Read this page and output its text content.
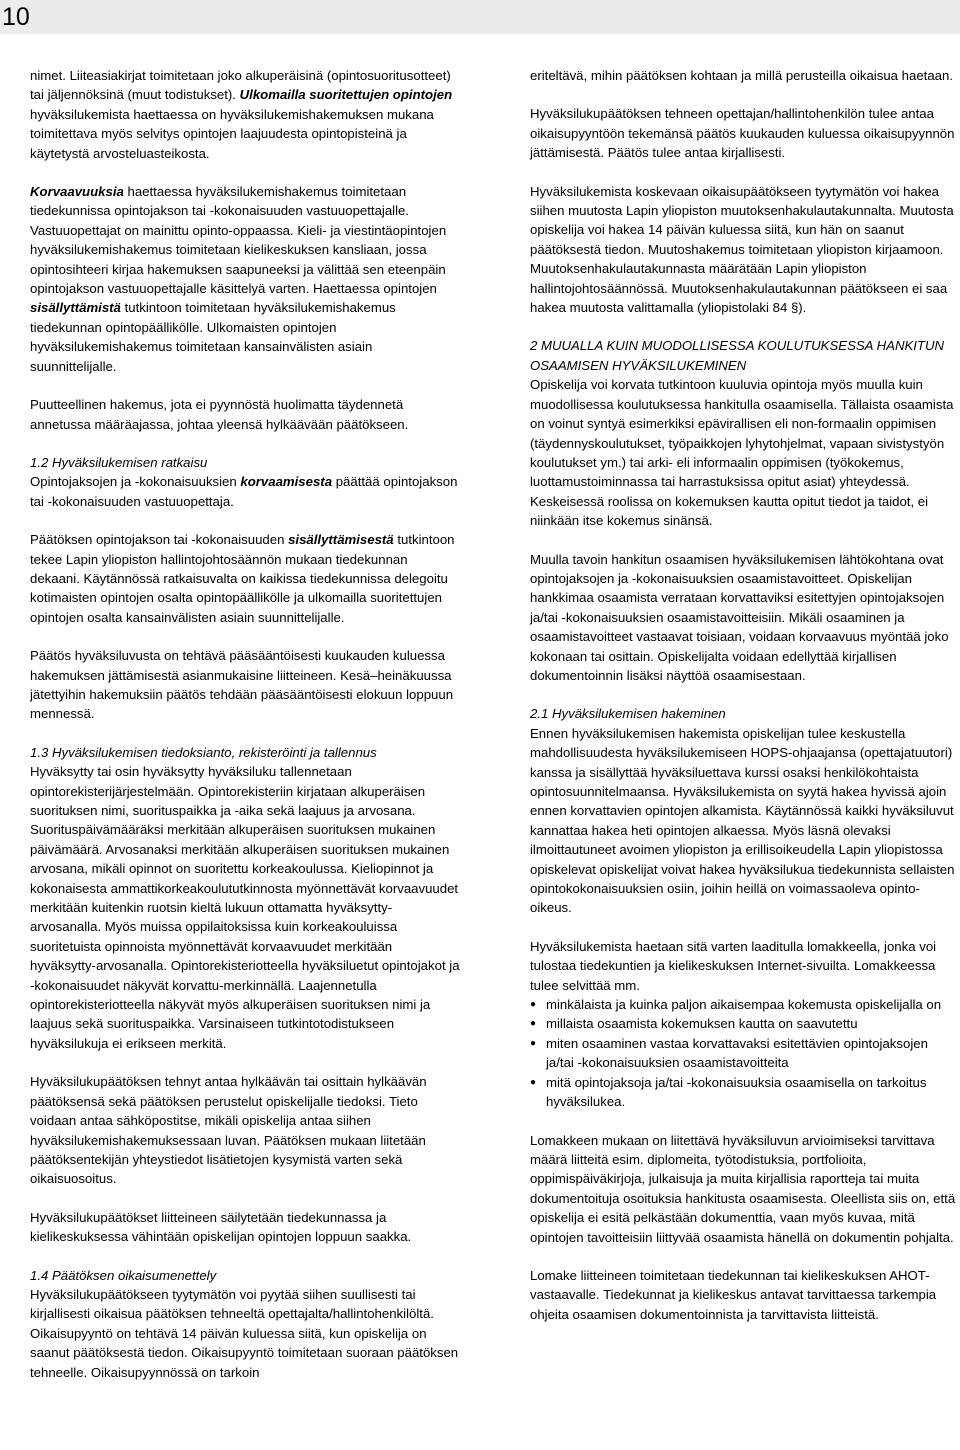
10

nimet. Liiteasiakirjat toimitetaan joko alkuperäisinä (opintosuoritusotteet) tai jäljennöksinä (muut todistukset). Ulkomailla suoritettujen opintojen hyväksilukemista haettaessa on hyväksilukemishakemuksen mukana toimitettava myös selvitys opintojen laajuudesta opintopisteinä ja käytetystä arvosteluasteikosta.

Korvaavuuksia haettaessa hyväksilukemishakemus toimitetaan tiedekunnissa opintojakson tai -kokonaisuuden vastuuopettajalle. Vastuuopettajat on mainittu opinto-oppaassa. Kieli- ja viestintäopintojen hyväksilukemishakemus toimitetaan kielikeskuksen kansliaan, jossa opintosihteeri kirjaa hakemuksen saapuneeksi ja välittää sen eteenpäin opintojakson vastuuopettajalle käsittelyä varten. Haettaessa opintojen sisällyttämistä tutkintoon toimitetaan hyväksilukemishakemus tiedekunnan opintopäällikölle. Ulkomaisten opintojen hyväksilukemishakemus toimitetaan kansainvälisten asiain suunnittelijalle.

Puutteellinen hakemus, jota ei pyynnöstä huolimatta täydennetä annetussa määräajassa, johtaa yleensä hylkäävään päätökseen.

1.2 Hyväksilukemisen ratkaisu
Opintojaksojen ja -kokonaisuuksien korvaamisesta päättää opintojakson tai -kokonaisuuden vastuuopettaja.

Päätöksen opintojakson tai -kokonaisuuden sisällyttämisestä tutkintoon tekee Lapin yliopiston hallintojohtosäännön mukaan tiedekunnan dekaani. Käytännössä ratkaisuvalta on kaikissa tiedekunnissa delegoitu kotimaisten opintojen osalta opintopäällikölle ja ulkomailla suoritettujen opintojen osalta kansainvälisten asiain suunnittelijalle.

Päätös hyväksiluvusta on tehtävä pääsääntöisesti kuukauden kuluessa hakemuksen jättämisestä asianmukaisine liitteineen. Kesä–heinäkuussa jätettyihin hakemuksiin päätös tehdään pääsääntöisesti elokuun loppuun mennessä.

1.3 Hyväksilukemisen tiedoksianto, rekisteröinti ja tallennus
Hyväksytty tai osin hyväksytty hyväksiluku tallennetaan opintorekisterijärjestelmään. Opintorekisteriin kirjataan alkuperäisen suorituksen nimi, suorituspaikka ja -aika sekä laajuus ja arvosana. Suorituspäivämääräksi merkitään alkuperäisen suorituksen mukainen päivämäärä. Arvosanaksi merkitään alkuperäisen suorituksen mukainen arvosana, mikäli opinnot on suoritettu korkeakoulussa. Kieliopinnot ja kokonaisesta ammattikorkeakoulututkinnosta myönnettävät korvaavuudet merkitään kuitenkin ruotsin kieltä lukuun ottamatta hyväksytty-arvosanalla. Myös muissa oppilaitoksissa kuin korkeakouluissa suoritetuista opinnoista myönnettävät korvaavuudet merkitään hyväksytty-arvosanalla. Opintorekisteriotteella hyväksiluetut opintojakot ja -kokonaisuudet näkyvät korvattu-merkinnällä. Laajennetulla opintorekisteriotteella näkyvät myös alkuperäisen suorituksen nimi ja laajuus sekä suorituspaikka. Varsinaiseen tutkintotodistukseen hyväksilukuja ei erikseen merkitä.

Hyväksilukupäätöksen tehnyt antaa hylkäävän tai osittain hylkäävän päätöksensä sekä päätöksen perustelut opiskelijalle tiedoksi. Tieto voidaan antaa sähköpostitse, mikäli opiskelija antaa siihen hyväksilukemishakemuksessaan luvan. Päätöksen mukaan liitetään päätöksentekijän yhteystiedot lisätietojen kysymistä varten sekä oikaisuosoitus.

Hyväksilukupäätökset liitteineen säilytetään tiedekunnassa ja kielikeskuksessa vähintään opiskelijan opintojen loppuun saakka.

1.4 Päätöksen oikaisumenettely
Hyväksilukupäätökseen tyytymätön voi pyytää siihen suullisesti tai kirjallisesti oikaisua päätöksen tehneeltä opettajalta/hallintohenkilöltä. Oikaisupyyntö on tehtävä 14 päivän kuluessa siitä, kun opiskelija on saanut päätöksestä tiedon. Oikaisupyyntö toimitetaan suoraan päätöksen tehneelle. Oikaisupyynnössä on tarkoin

eriteltävä, mihin päätöksen kohtaan ja millä perusteilla oikaisua haetaan.

Hyväksilukupäätöksen tehneen opettajan/hallintohenkilön tulee antaa oikaisupyyntöön tekemänsä päätös kuukauden kuluessa oikaisupyynnön jättämisestä. Päätös tulee antaa kirjallisesti.

Hyväksilukemista koskevaan oikaisupäätökseen tyytymätön voi hakea siihen muutosta Lapin yliopiston muutoksenhakulautakunnalta. Muutosta opiskelija voi hakea 14 päivän kuluessa siitä, kun hän on saanut päätöksestä tiedon. Muutoshakemus toimitetaan yliopiston kirjaamoon. Muutoksenhakulautakunnasta määrätään Lapin yliopiston hallintojohtosäännössä. Muutoksenhakulautakunnan päätökseen ei saa hakea muutosta valittamalla (yliopistolaki 84 §).

2 MUUALLA KUIN MUODOLLISESSA KOULUTUKSESSA HANKITUN
OSAAMISEN HYVÄKSILUKEMINEN
Opiskelija voi korvata tutkintoon kuuluvia opintoja myös muulla kuin muodollisessa koulutuksessa hankitulla osaamisella. Tällaista osaamista on voinut syntyä esimerkiksi epävirallisen eli non-formaalin oppimisen (täydennyskoulutukset, työpaikkojen lyhytohjelmat, vapaan sivistystyön koulutukset ym.) tai arki- eli informaalin oppimisen (työkokemus, luottamustoiminnassa tai harrastuksissa opitut asiat) yhteydessä. Keskeisessä roolissa on kokemuksen kautta opitut tiedot ja taidot, ei niinkään itse kokemus sinänsä.

Muulla tavoin hankitun osaamisen hyväksilukemisen lähtökohtana ovat opintojaksojen ja -kokonaisuuksien osaamistavoitteet. Opiskelijan hankkimaa osaamista verrataan korvattaviksi esitettyjen opintojaksojen ja/tai -kokonaisuuksien osaamistavoitteisiin. Mikäli osaaminen ja osaamistavoitteet vastaavat toisiaan, voidaan korvaavuus myöntää joko kokonaan tai osittain. Opiskelijalta voidaan edellyttää kirjallisen dokumentoinnin lisäksi näyttöä osaamisestaan.

2.1 Hyväksilukemisen hakeminen
Ennen hyväksilukemisen hakemista opiskelijan tulee keskustella mahdollisuudesta hyväksilukemiseen HOPS-ohjaajansa (opettajatuutori) kanssa ja sisällyttää hyväksiluettava kurssi osaksi henkilökohtaista opintosuunnitelmaansa. Hyväksilukemista on syytä hakea hyvissä ajoin ennen korvattavien opintojen alkamista. Käytännössä kaikki hyväksiluvut kannattaa hakea heti opintojen alkaessa. Myös läsnä olevaksi ilmoittautuneet avoimen yliopiston ja erillisoikeudella Lapin yliopistossa opiskelevat opiskelijat voivat hakea hyväksilukua tiedekunnista sellaisten opintokokonaisuuksien osiin, joihin heillä on voimassaoleva opinto-oikeus.

Hyväksilukemista haetaan sitä varten laaditulla lomakkeella, jonka voi tulostaa tiedekuntien ja kielikeskuksen Internet-sivuilta. Lomakkeessa tulee selvittää mm.

● minkälaista ja kuinka paljon aikaisempaa kokemusta opiskelijalla on
● millaista osaamista kokemuksen kautta on saavutettu
● miten osaaminen vastaa korvattavaksi esitettävien opintojaksojen ja/tai -kokonaisuuksien osaamistavoitteita
● mitä opintojaksoja ja/tai -kokonaisuuksia osaamisella on tarkoitus hyväksilukea.

Lomakkeen mukaan on liitettävä hyväksiluvun arvioimiseksi tarvittava määrä liitteitä esim. diplomeita, työtodistuksia, portfolioita, oppimispäiväkirjoja, julkaisuja ja muita kirjallisia raportteja tai muita dokumentoituja osoituksia hankitusta osaamisesta. Oleellista siis on, että opiskelija ei esitä pelkästään dokumenttia, vaan myös kuvaa, mitä opintojen tavoitteisiin liittyvää osaamista hänellä on dokumentin pohjalta.

Lomake liitteineen toimitetaan tiedekunnan tai kielikeskuksen AHOT-vastaavalle. Tiedekunnat ja kielikeskus antavat tarvittaessa tarkempia ohjeita osaamisen dokumentoinnista ja tarvittavista liitteistä.
